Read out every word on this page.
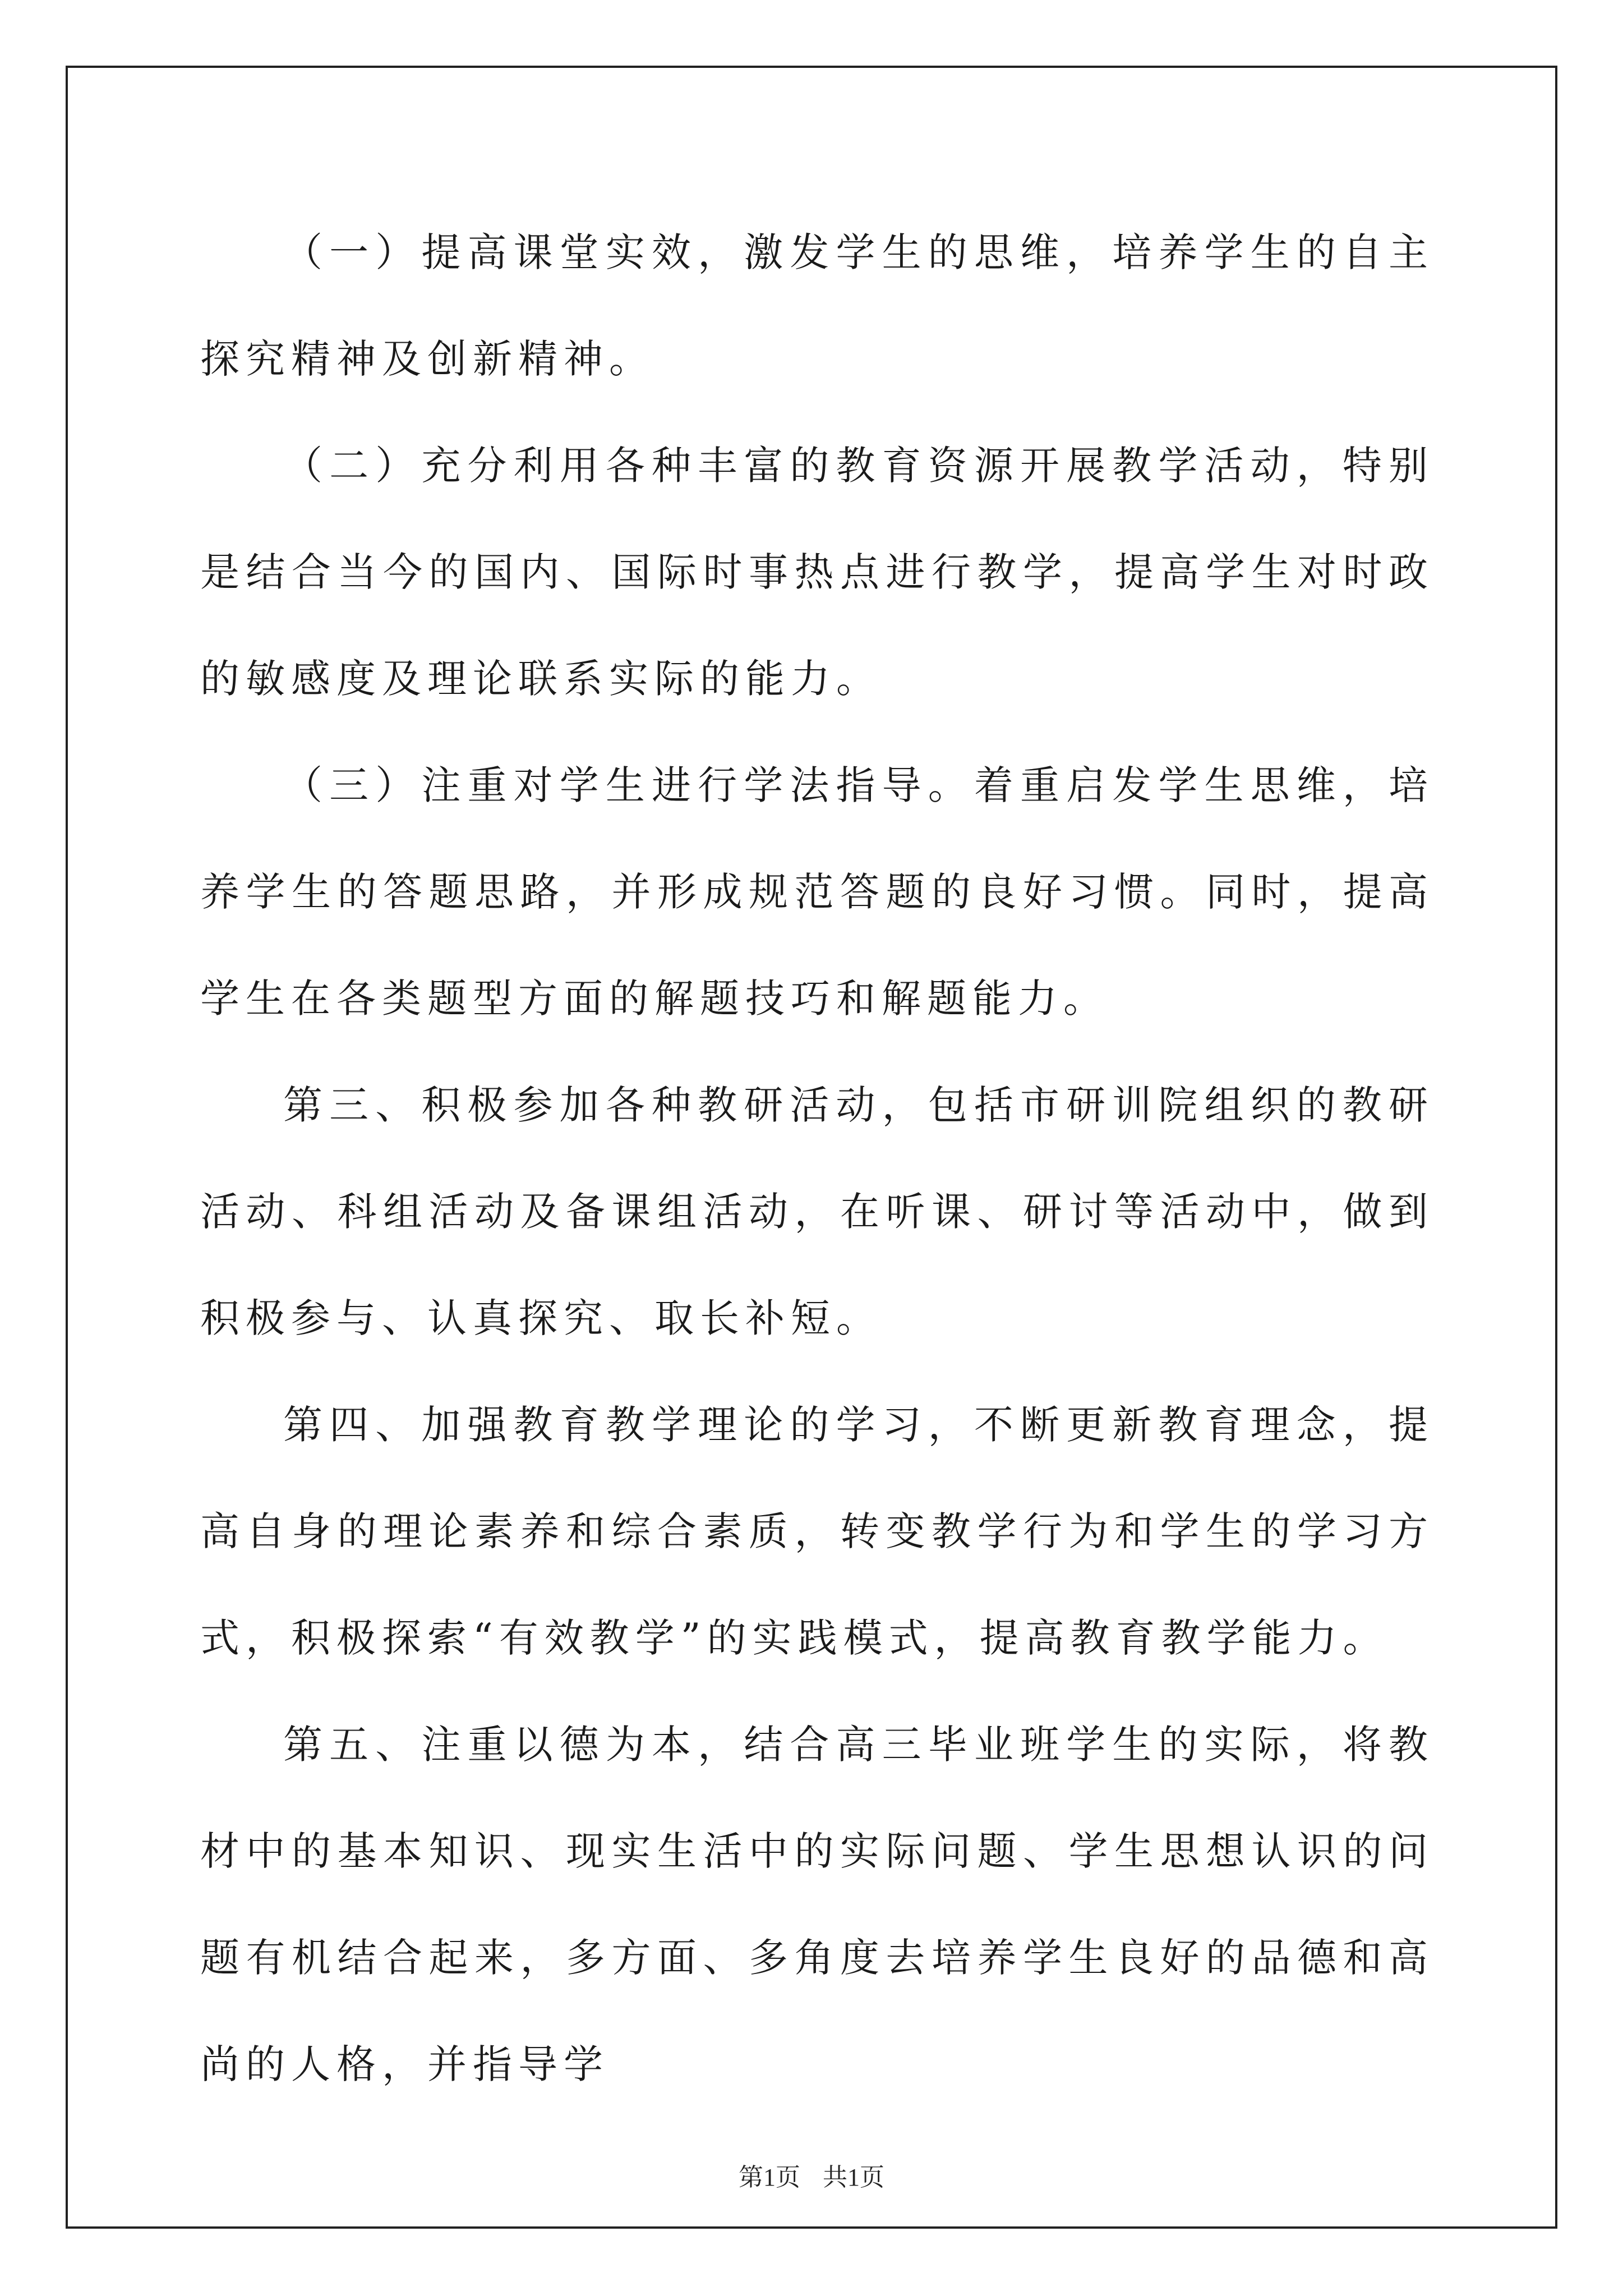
（一）提高课堂实效，激发学生的思维，培养学生的自主探究精神及创新精神。

（二）充分利用各种丰富的教育资源开展教学活动，特别是结合当今的国内、国际时事热点进行教学，提高学生对时政的敏感度及理论联系实际的能力。

（三）注重对学生进行学法指导。着重启发学生思维，培养学生的答题思路，并形成规范答题的良好习惯。同时，提高学生在各类题型方面的解题技巧和解题能力。

第三、积极参加各种教研活动，包括市研训院组织的教研活动、科组活动及备课组活动，在听课、研讨等活动中，做到积极参与、认真探究、取长补短。

第四、加强教育教学理论的学习，不断更新教育理念，提高自身的理论素养和综合素质，转变教学行为和学生的学习方式，积极探索“有效教学”的实践模式，提高教育教学能力。

第五、注重以德为本，结合高三毕业班学生的实际，将教材中的基本知识、现实生活中的实际问题、学生思想认识的问题有机结合起来，多方面、多角度去培养学生良好的品德和高尚的人格，并指导学

第1页 共1页
